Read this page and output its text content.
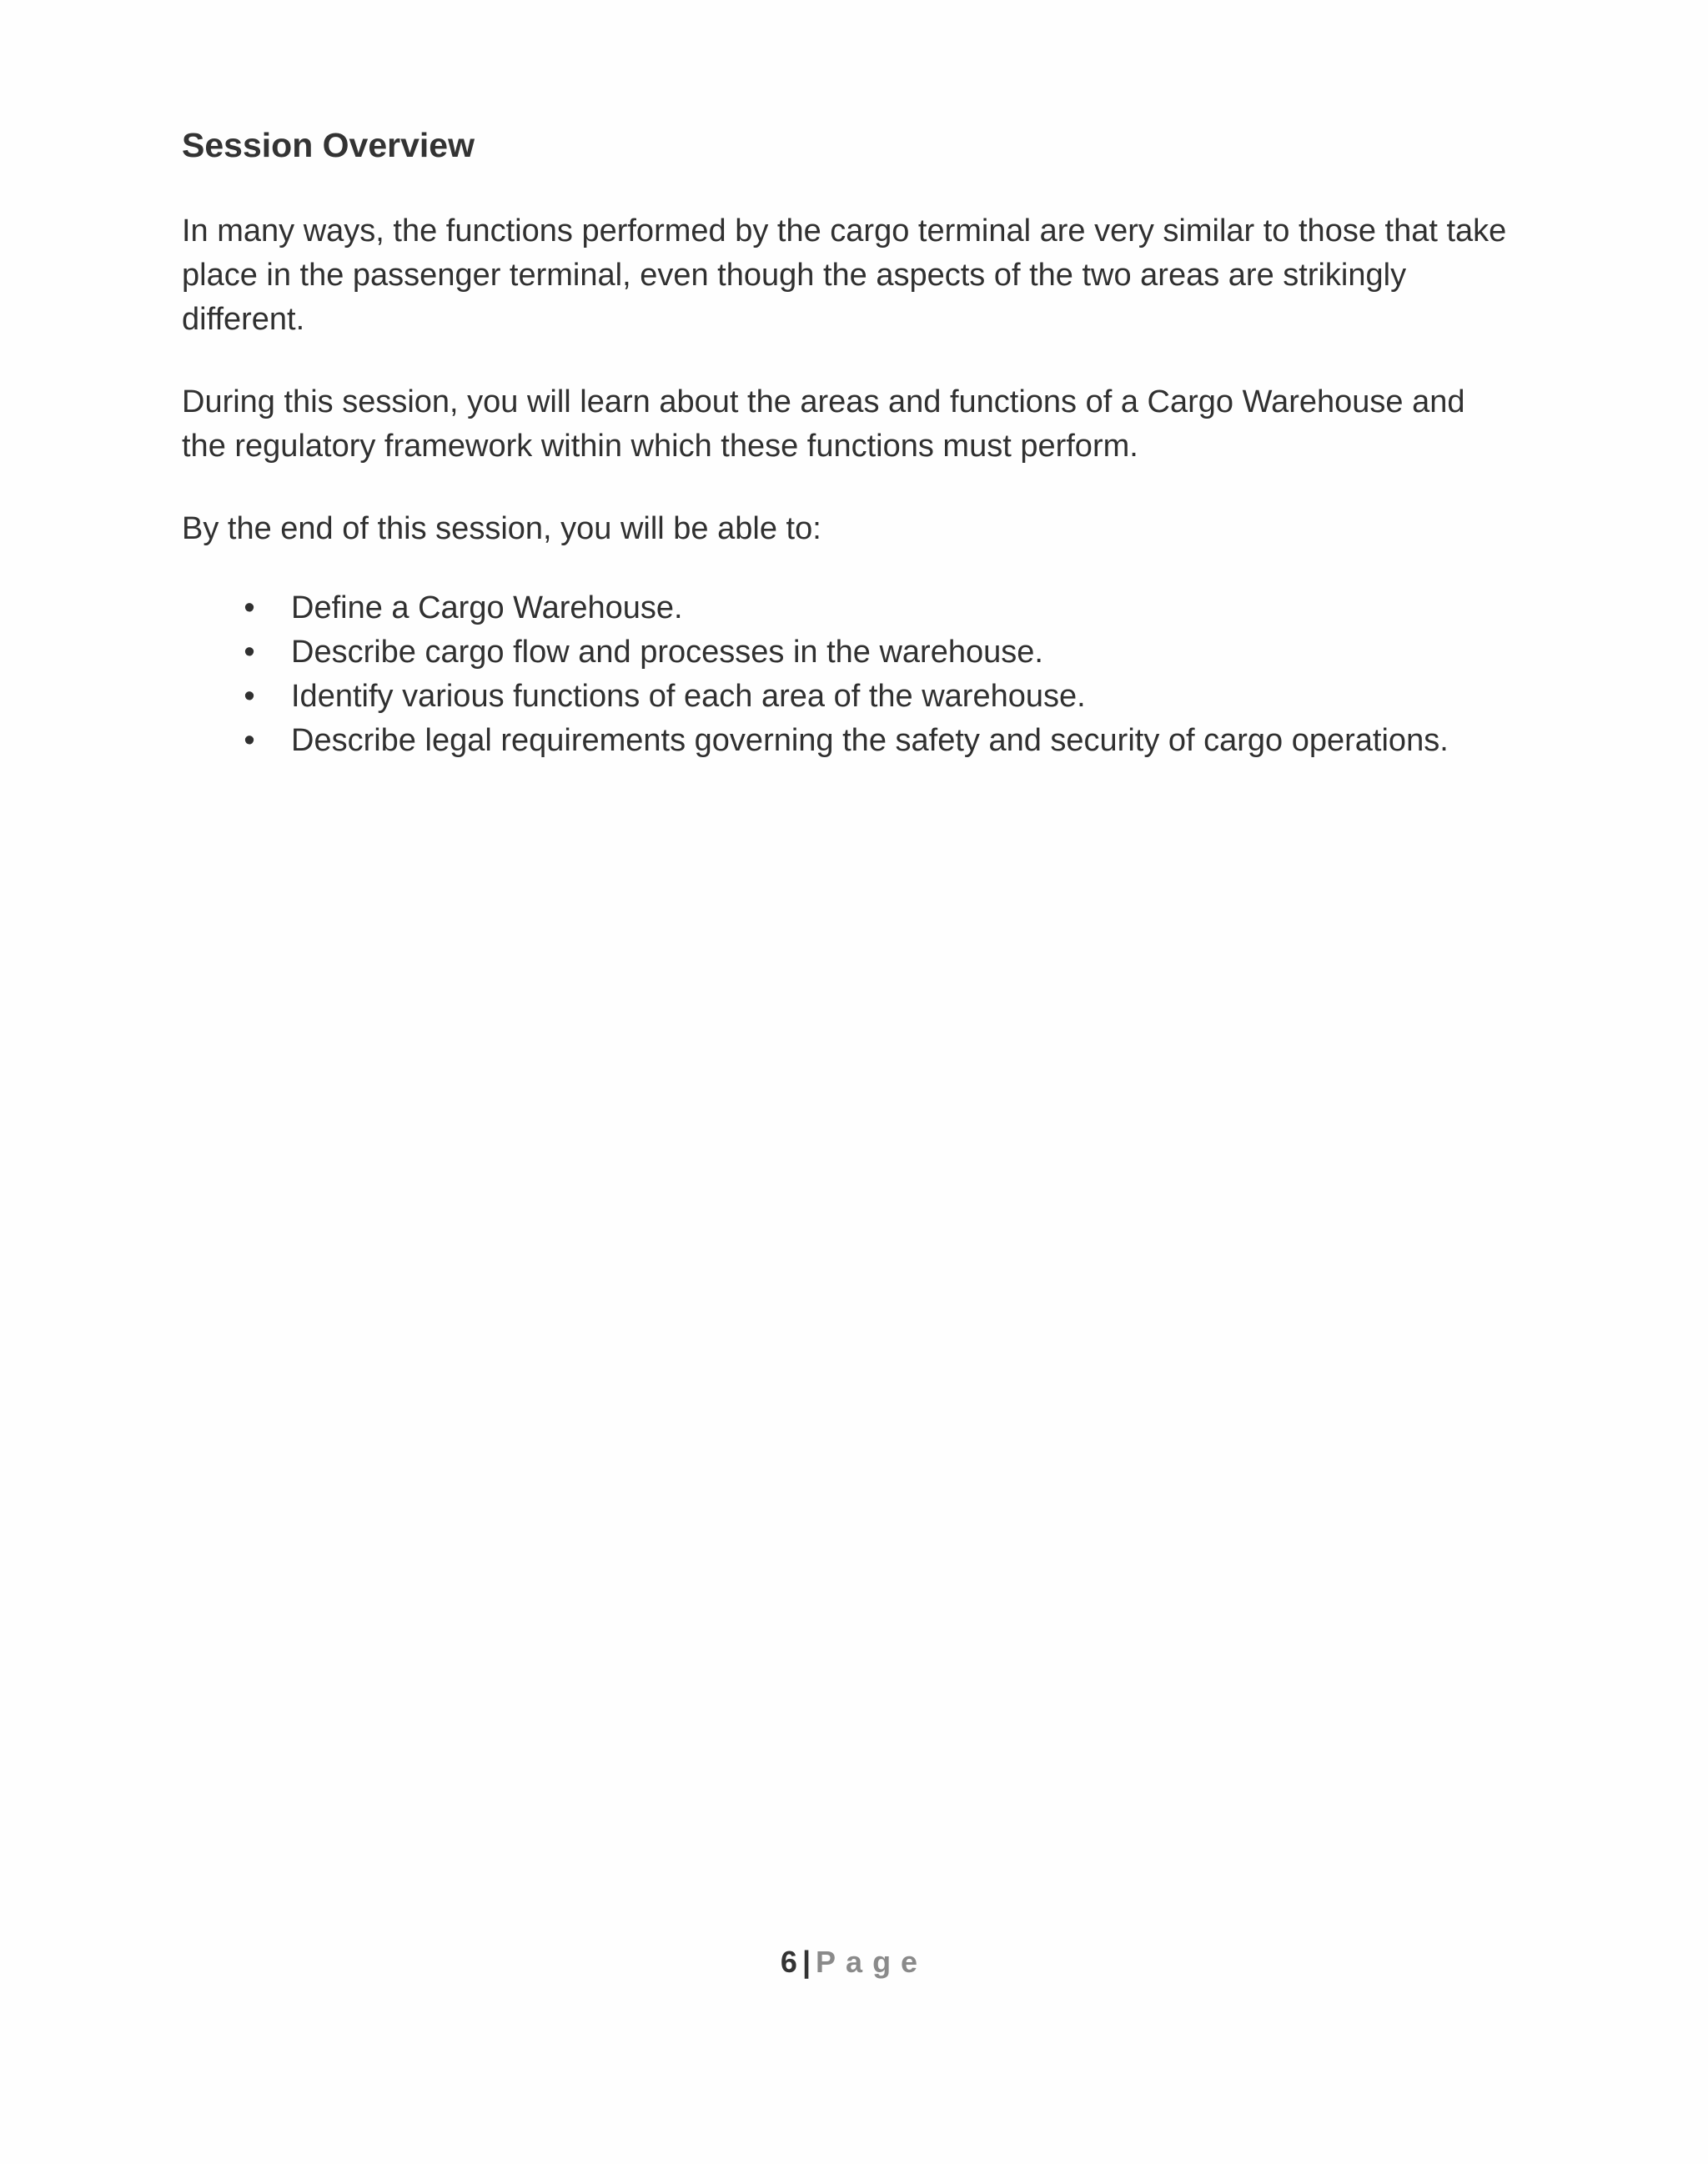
Session Overview

In many ways, the functions performed by the cargo terminal are very similar to those that take place in the passenger terminal, even though the aspects of the two areas are strikingly different.

During this session, you will learn about the areas and functions of a Cargo Warehouse and the regulatory framework within which these functions must perform.

By the end of this session, you will be able to:

• Define a Cargo Warehouse.
• Describe cargo flow and processes in the warehouse.
• Identify various functions of each area of the warehouse.
• Describe legal requirements governing the safety and security of cargo operations.
6 | Page
